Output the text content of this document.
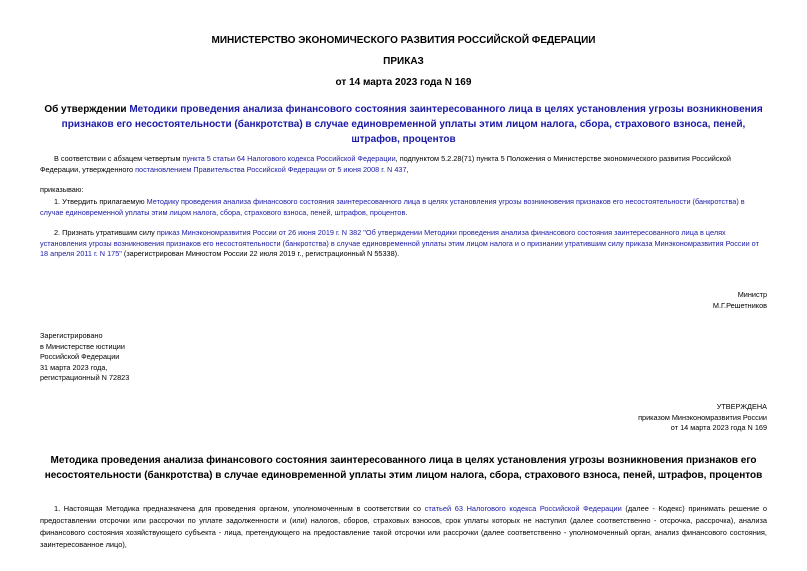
МИНИСТЕРСТВО ЭКОНОМИЧЕСКОГО РАЗВИТИЯ РОССИЙСКОЙ ФЕДЕРАЦИИ
ПРИКАЗ
от 14 марта 2023 года N 169
Об утверждении Методики проведения анализа финансового состояния заинтересованного лица в целях установления угрозы возникновения признаков его несостоятельности (банкротства) в случае единовременной уплаты этим лицом налога, сбора, страхового взноса, пеней, штрафов, процентов
В соответствии с абзацем четвертым пункта 5 статьи 64 Налогового кодекса Российской Федерации, подпунктом 5.2.28(71) пункта 5 Положения о Министерстве экономического развития Российской Федерации, утвержденного постановлением Правительства Российской Федерации от 5 июня 2008 г. N 437,
приказываю:
1. Утвердить прилагаемую Методику проведения анализа финансового состояния заинтересованного лица в целях установления угрозы возникновения признаков его несостоятельности (банкротства) в случае единовременной уплаты этим лицом налога, сбора, страхового взноса, пеней, штрафов, процентов.
2. Признать утратившим силу приказ Минэкономразвития России от 26 июня 2019 г. N 382 "Об утверждении Методики проведения анализа финансового состояния заинтересованного лица в целях установления угрозы возникновения признаков его несостоятельности (банкротства) в случае единовременной уплаты этим лицом налога и о признании утратившим силу приказа Минэкономразвития России от 18 апреля 2011 г. N 175" (зарегистрирован Минюстом России 22 июля 2019 г., регистрационный N 55338).
Министр
М.Г.Решетников
Зарегистрировано
в Министерстве юстиции
Российской Федерации
31 марта 2023 года,
регистрационный N 72823
УТВЕРЖДЕНА
приказом Минэкономразвития России
от 14 марта 2023 года N 169
Методика проведения анализа финансового состояния заинтересованного лица в целях установления угрозы возникновения признаков его несостоятельности (банкротства) в случае единовременной уплаты этим лицом налога, сбора, страхового взноса, пеней, штрафов, процентов
1. Настоящая Методика предназначена для проведения органом, уполномоченным в соответствии со статьей 63 Налогового кодекса Российской Федерации (далее - Кодекс) принимать решение о предоставлении отсрочки или рассрочки по уплате задолженности и (или) налогов, сборов, страховых взносов, срок уплаты которых не наступил (далее соответственно - отсрочка, рассрочка), анализа финансового состояния хозяйствующего субъекта - лица, претендующего на предоставление такой отсрочки или рассрочки (далее соответственно - уполномоченный орган, анализ финансового состояния, заинтересованное лицо),
